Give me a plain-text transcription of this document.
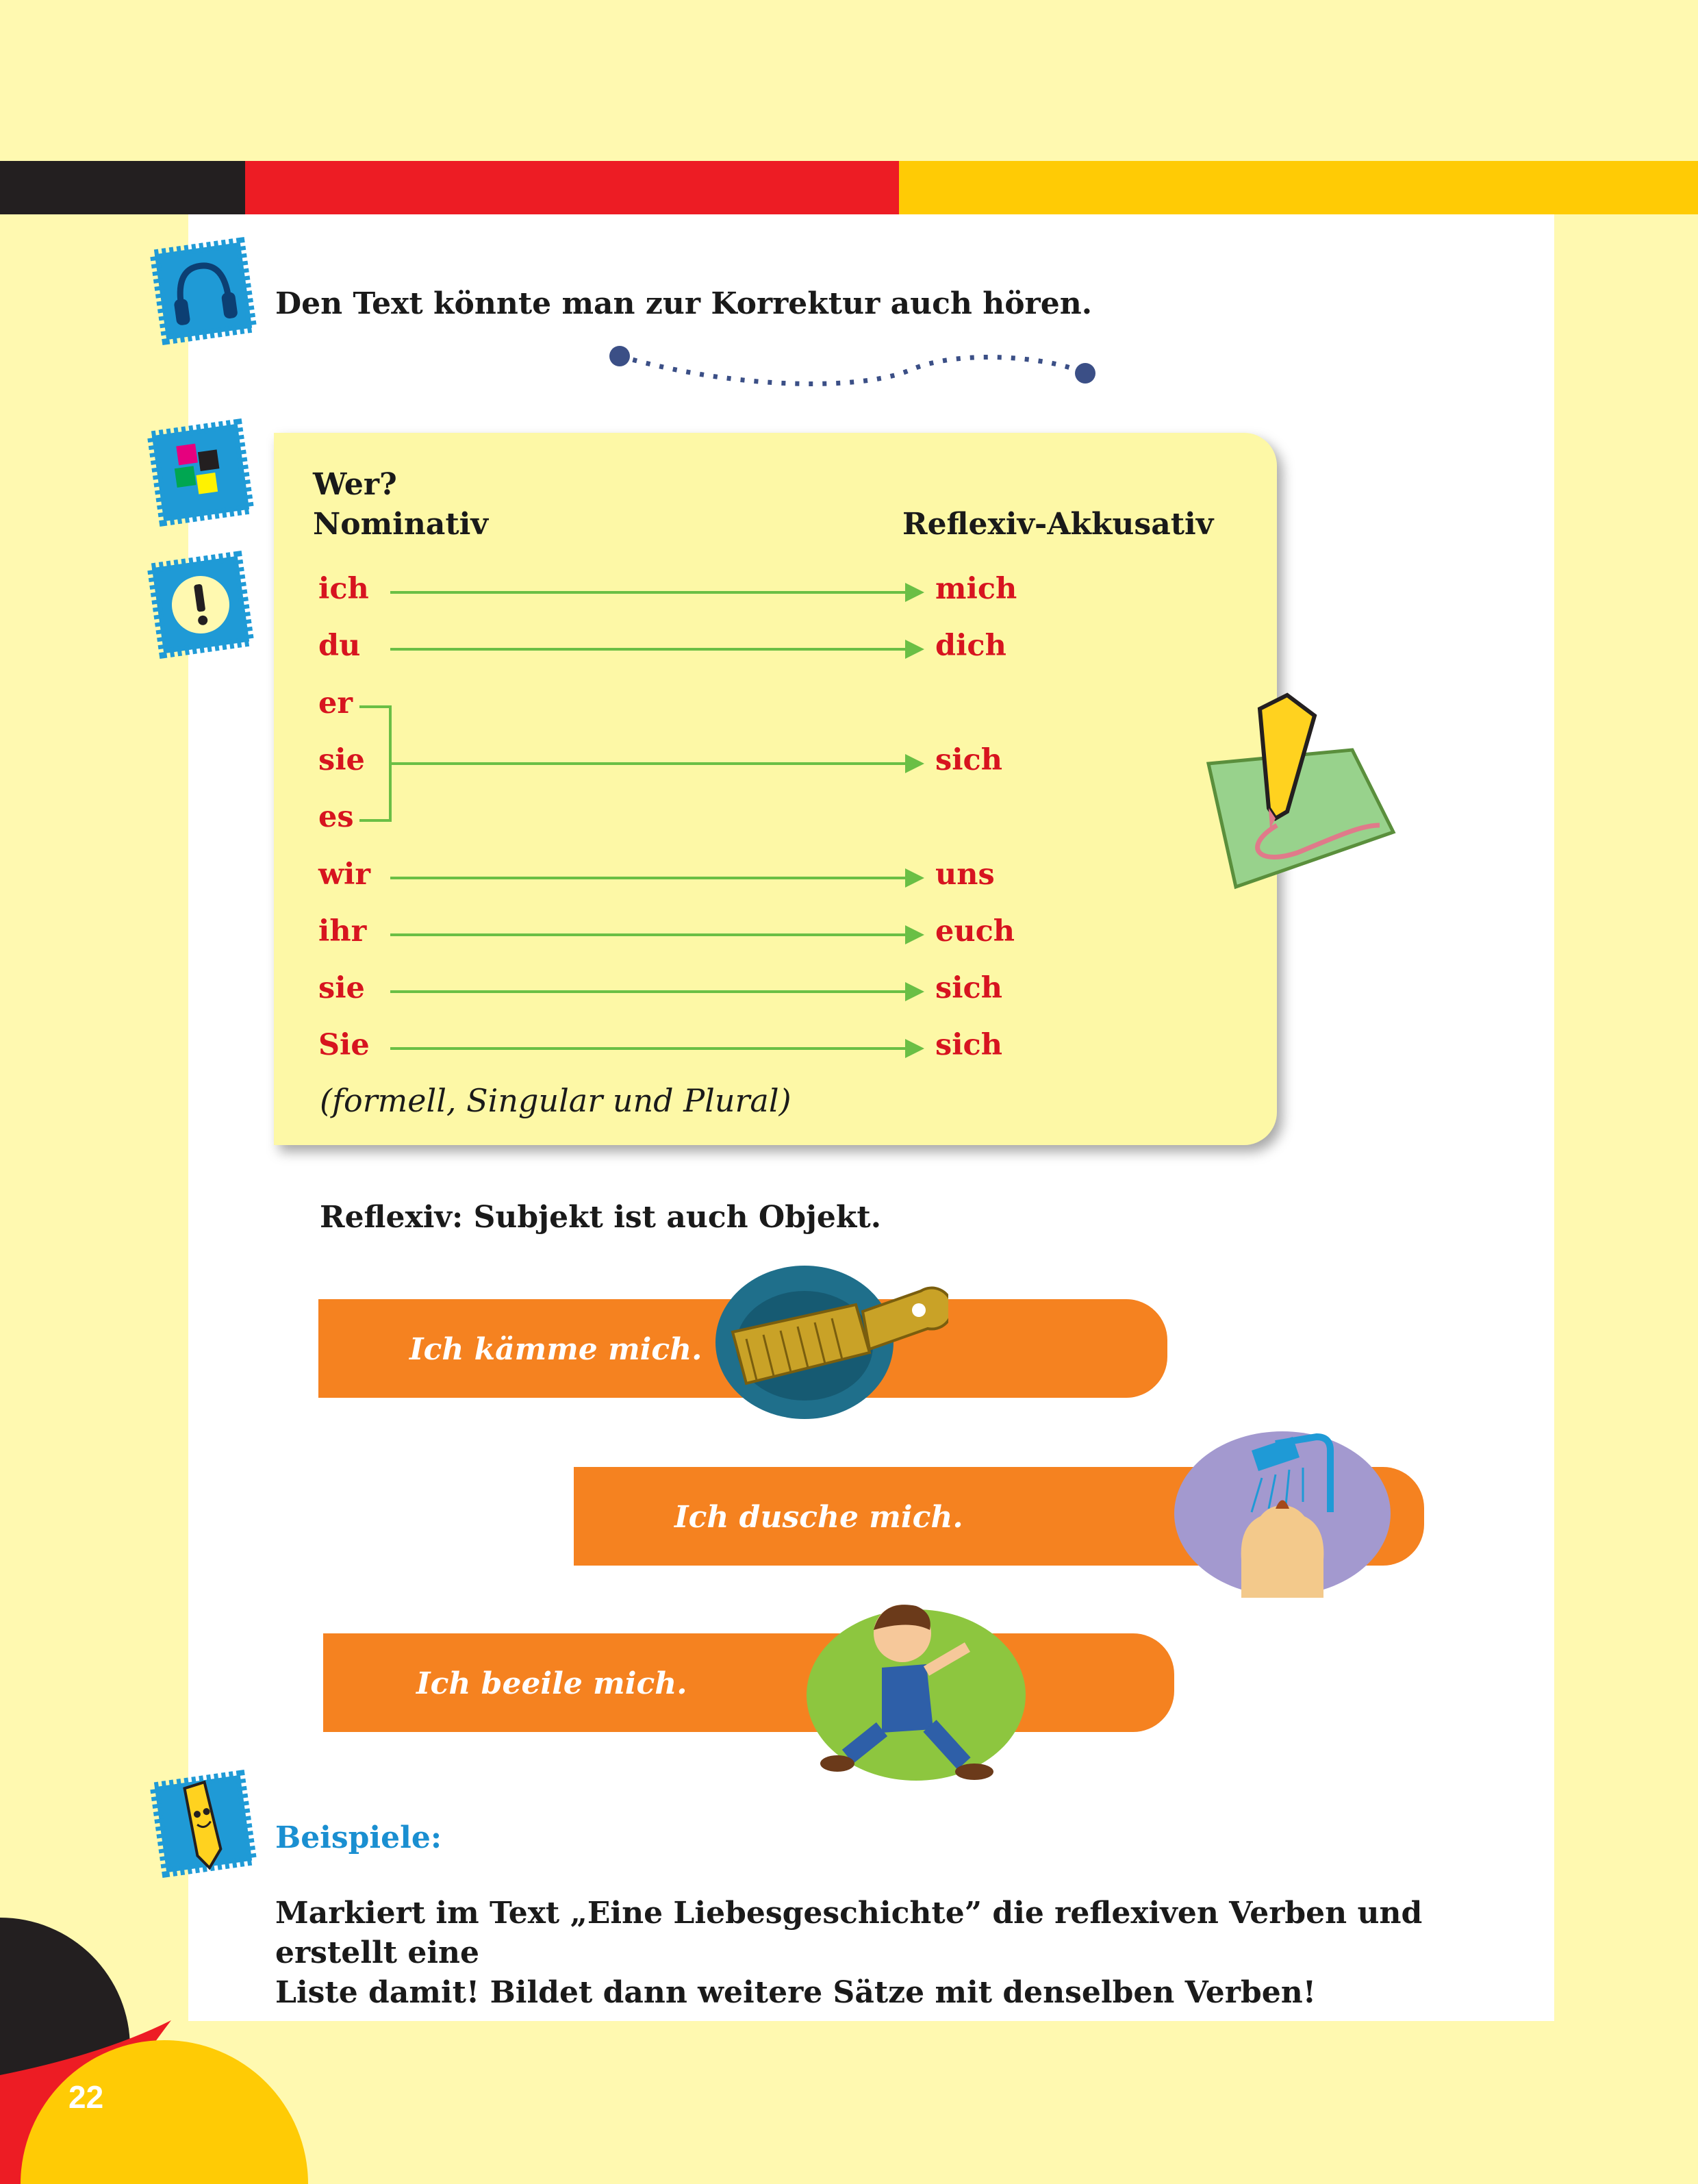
Den Text könnte man zur Korrektur auch hören.
Wer?
Nominativ	Reflexiv-Akkusativ
ich
du
er
sie
es
wir
ihr
sie
Sie
mich
dich
sich
uns
euch
sich
sich
(formell, Singular und Plural)
Reflexiv: Subjekt ist auch Objekt.
Ich kämme mich.
Ich dusche mich.
Ich beeile mich.
Beispiele:
Markiert im Text „Eine Liebesgeschichte” die reflexiven Verben und erstellt eine
Liste damit! Bildet dann weitere Sätze mit denselben Verben!
22
